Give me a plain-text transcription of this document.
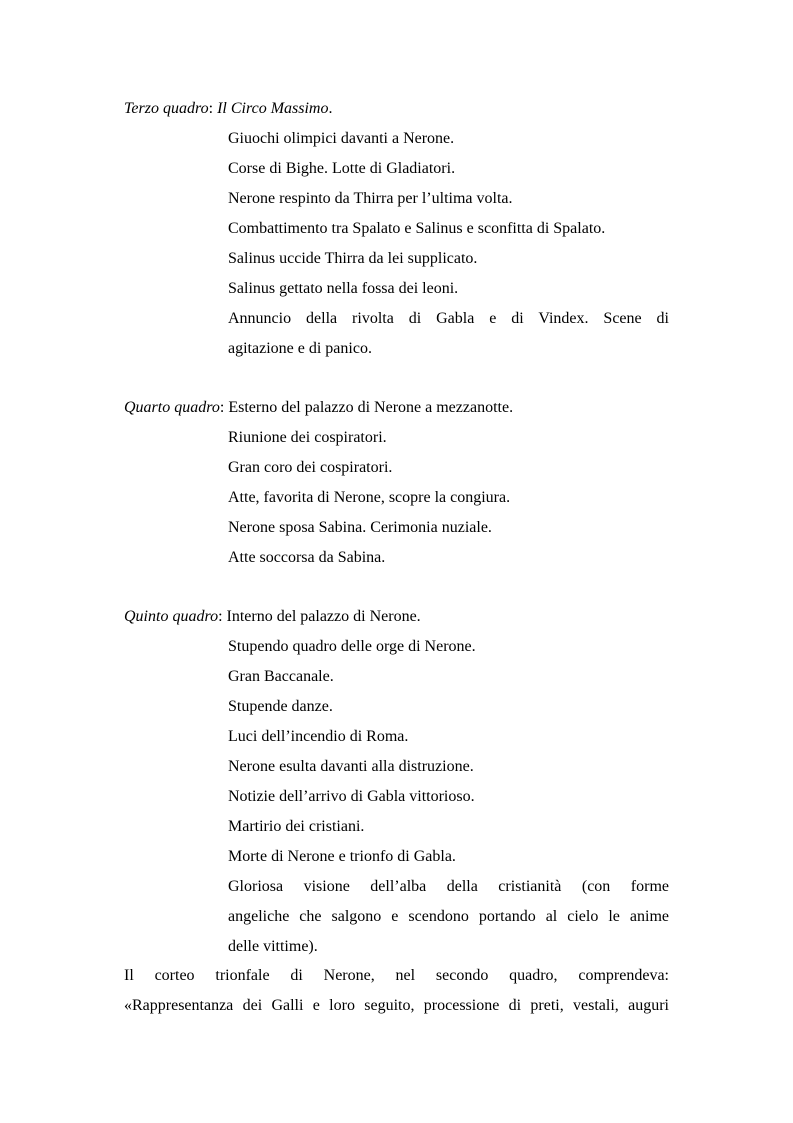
Terzo quadro: Il Circo Massimo.
Giuochi olimpici davanti a Nerone.
Corse di Bighe. Lotte di Gladiatori.
Nerone respinto da Thirra per l’ultima volta.
Combattimento tra Spalato e Salinus e sconfitta di Spalato.
Salinus uccide Thirra da lei supplicato.
Salinus gettato nella fossa dei leoni.
Annuncio della rivolta di Gabla e di Vindex. Scene di
agitazione e di panico.
Quarto quadro: Esterno del palazzo di Nerone a mezzanotte.
Riunione dei cospiratori.
Gran coro dei cospiratori.
Atte, favorita di Nerone, scopre la congiura.
Nerone sposa Sabina. Cerimonia nuziale.
Atte soccorsa da Sabina.
Quinto quadro: Interno del palazzo di Nerone.
Stupendo quadro delle orge di Nerone.
Gran Baccanale.
Stupende danze.
Luci dell’incendio di Roma.
Nerone esulta davanti alla distruzione.
Notizie dell’arrivo di Gabla vittorioso.
Martirio dei cristiani.
Morte di Nerone e trionfo di Gabla.
Gloriosa visione dell’alba della cristianità (con forme
angeliche che salgono e scendono portando al cielo le anime
delle vittime).
Il corteo trionfale di Nerone, nel secondo quadro, comprendeva:
«Rappresentanza dei Galli e loro seguito, processione di preti, vestali, auguri
